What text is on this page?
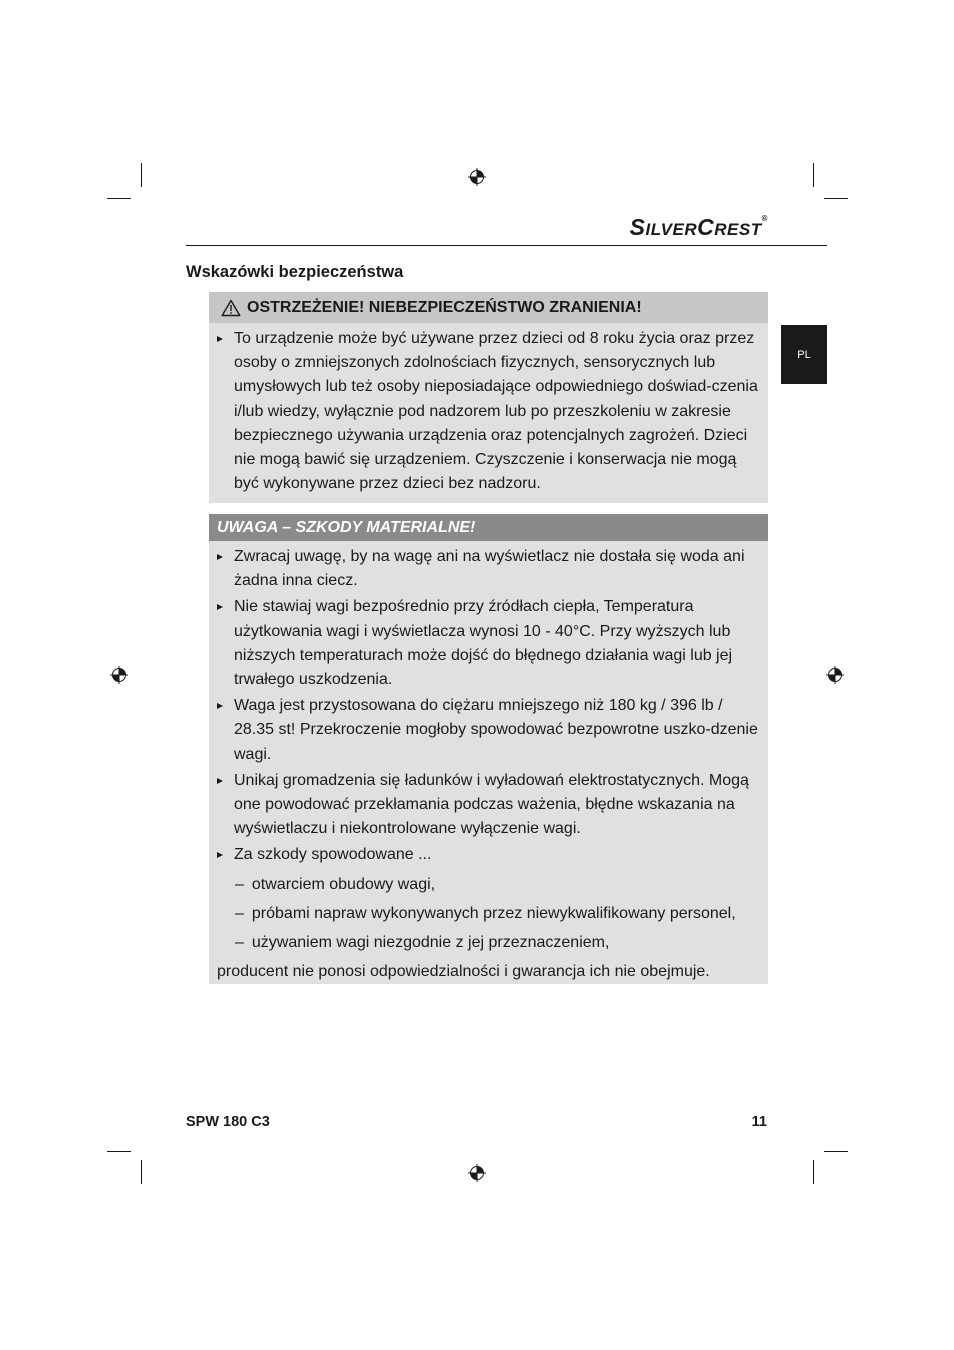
SILVERCREST®
PL
Wskazówki bezpieczeństwa
OSTRZEŻENIE! NIEBEZPIECZEŃSTWO ZRANIENIA!
To urządzenie może być używane przez dzieci od 8 roku życia oraz przez osoby o zmniejszonych zdolnościach fizycznych, sensorycznych lub umysłowych lub też osoby nieposiadające odpowiedniego doświad-czenia i/lub wiedzy, wyłącznie pod nadzorem lub po przeszkoleniu w zakresie bezpiecznego używania urządzenia oraz potencjalnych zagrożeń. Dzieci nie mogą bawić się urządzeniem. Czyszczenie i konserwacja nie mogą być wykonywane przez dzieci bez nadzoru.
UWAGA – SZKODY MATERIALNE!
Zwracaj uwagę, by na wagę ani na wyświetlacz nie dostała się woda ani żadna inna ciecz.
Nie stawiaj wagi bezpośrednio przy źródłach ciepła, Temperatura użytkowania wagi i wyświetlacza wynosi 10 - 40°C. Przy wyższych lub niższych temperaturach może dojść do błędnego działania wagi lub jej trwałego uszkodzenia.
Waga jest przystosowana do ciężaru mniejszego niż 180 kg / 396 lb / 28.35 st! Przekroczenie mogłoby spowodować bezpowrotne uszko-dzenie wagi.
Unikaj gromadzenia się ładunków i wyładowań elektrostatycznych. Mogą one powodować przekłamania podczas ważenia, błędne wskazania na wyświetlaczu i niekontrolowane wyłączenie wagi.
Za szkody spowodowane ...
– otwarciem obudowy wagi,
– próbami napraw wykonywanych przez niewykwalifikowany personel,
– używaniem wagi niezgodnie z jej przeznaczeniem,
producent nie ponosi odpowiedzialności i gwarancja ich nie obejmuje.
SPW 180 C3	11
